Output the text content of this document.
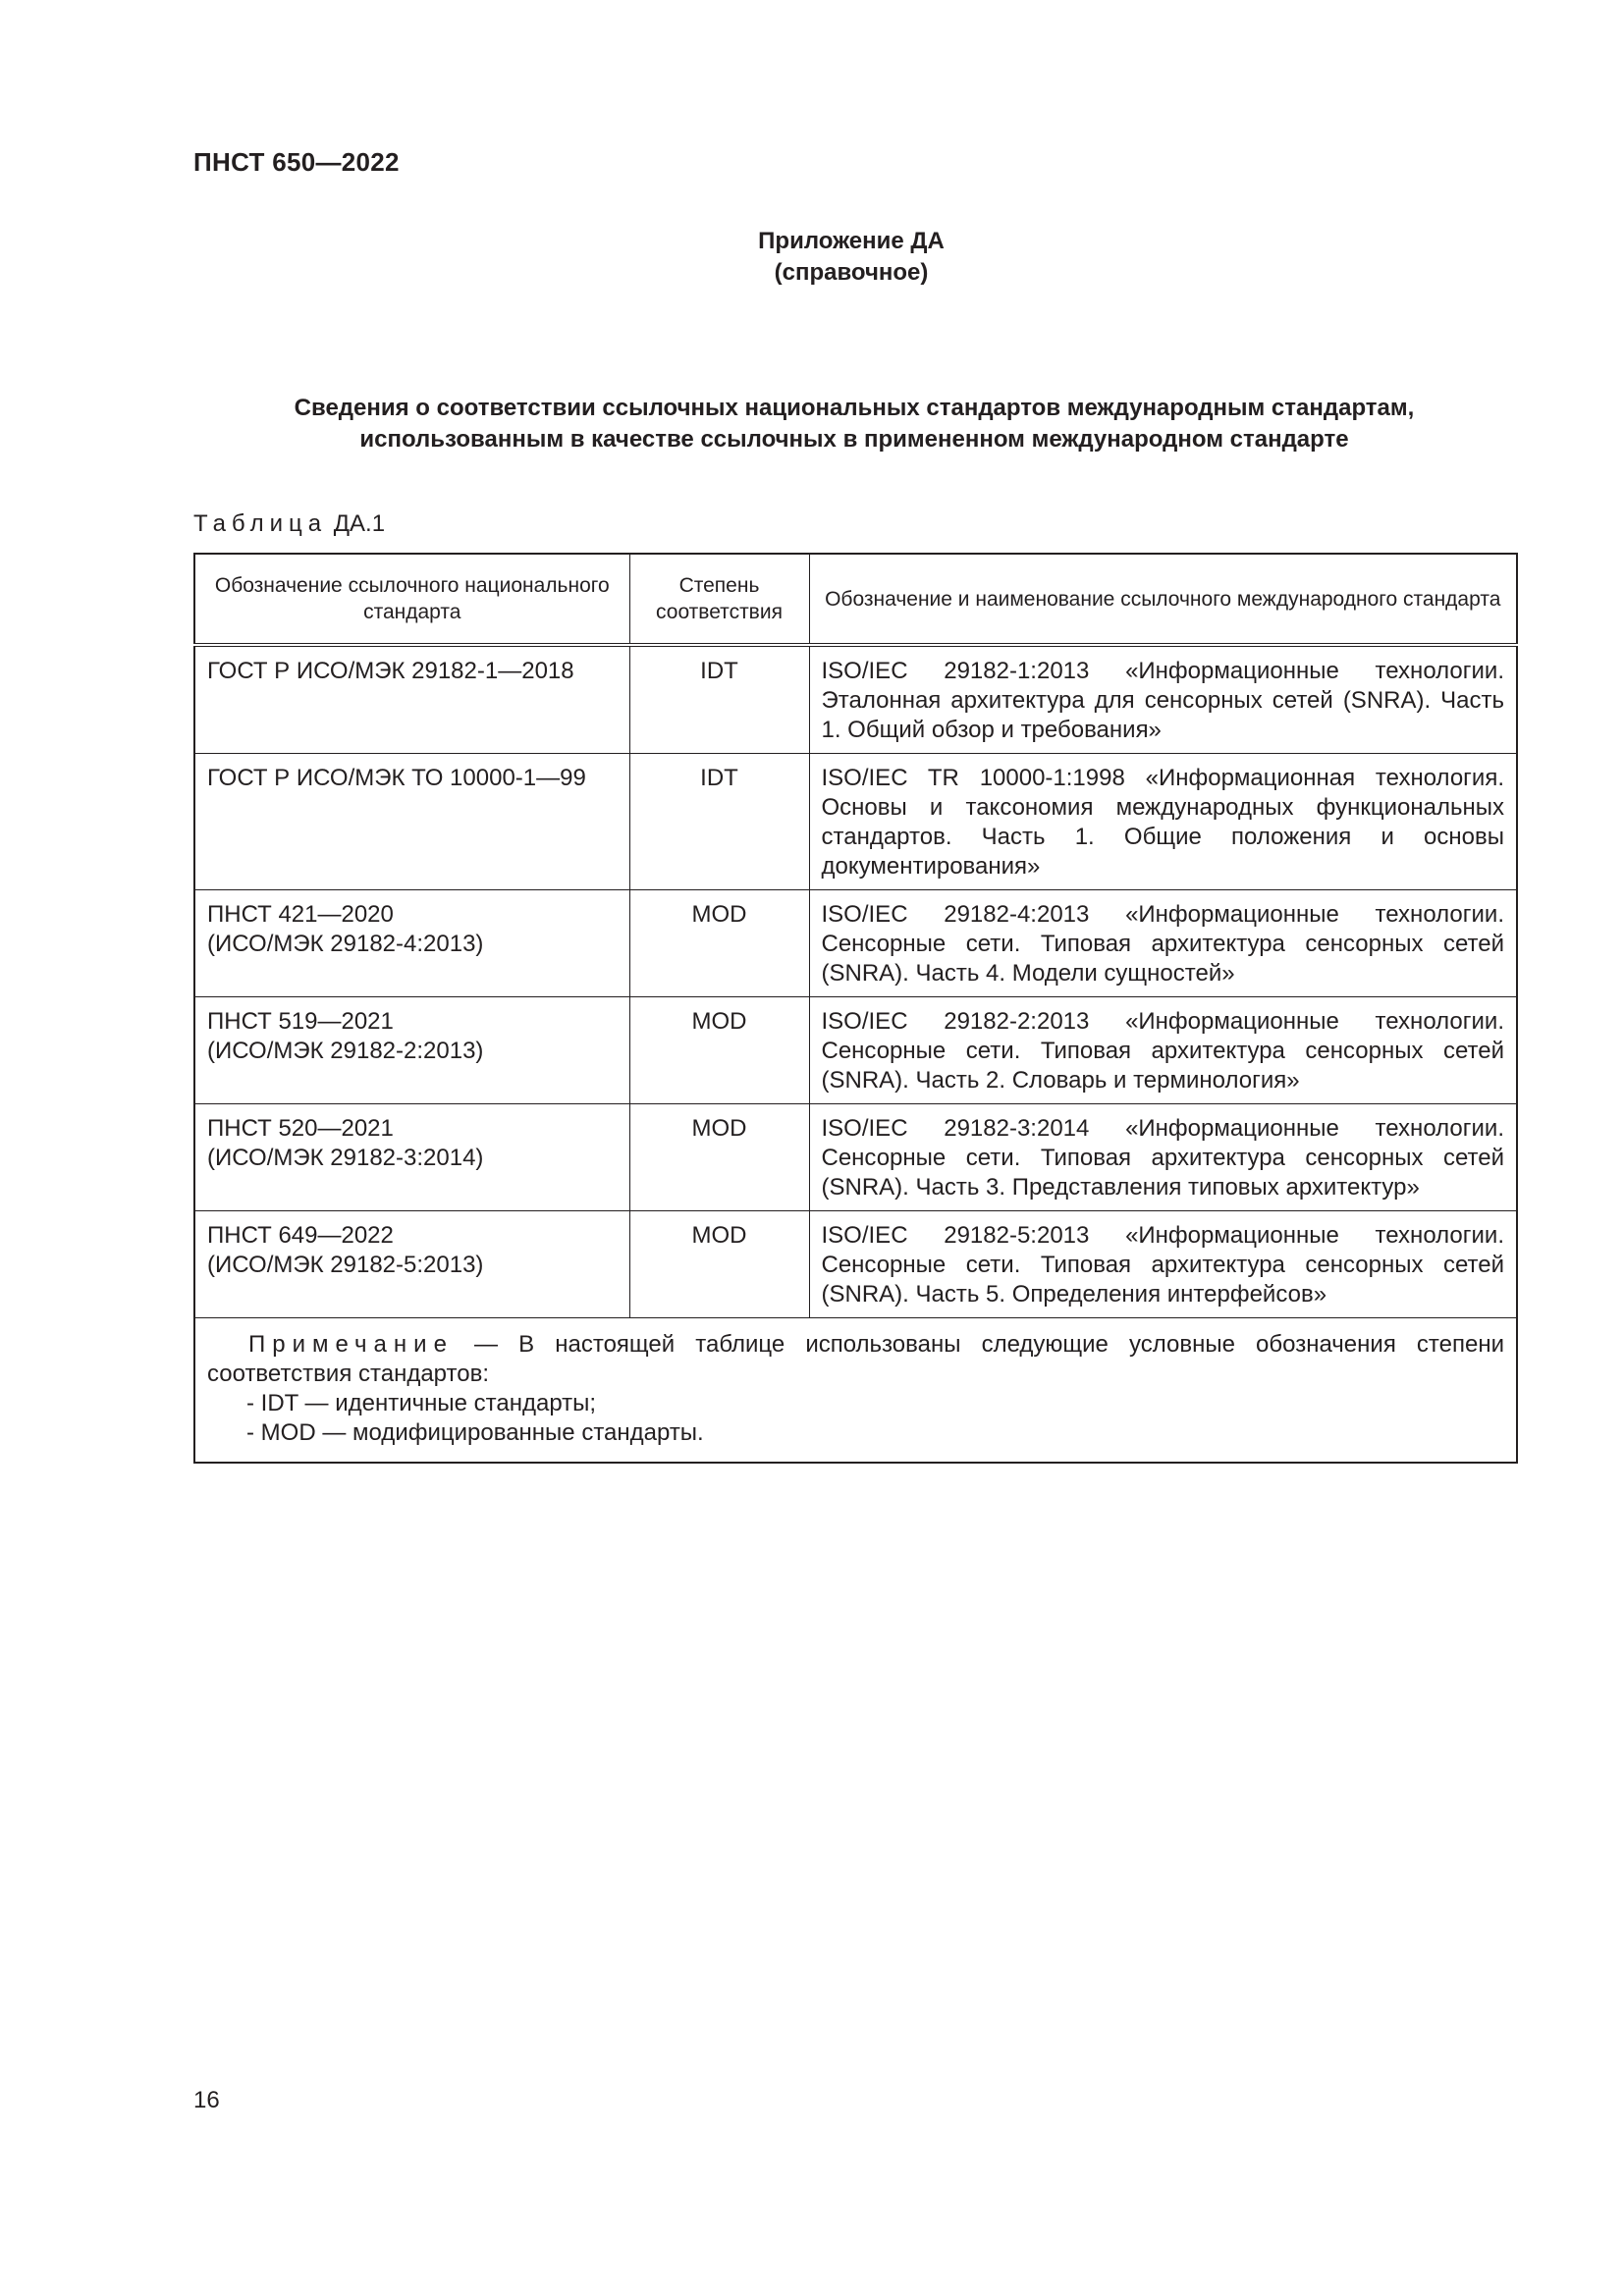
ПНСТ 650—2022
Приложение ДА
(справочное)
Сведения о соответствии ссылочных национальных стандартов международным стандартам,
использованным в качестве ссылочных в примененном международном стандарте
Таблица ДА.1
Обозначение ссылочного национального стандарта	Степень соответствия	Обозначение и наименование ссылочного международного стандарта

ГОСТ Р ИСО/МЭК 29182-1—2018	IDT	ISO/IEC 29182-1:2013 «Информационные технологии. Эталонная архитектура для сенсорных сетей (SNRA). Часть 1. Общий обзор и требования»

ГОСТ Р ИСО/МЭК ТО 10000-1—99	IDT	ISO/IEC TR 10000-1:1998 «Информационная технология. Основы и таксономия международных функциональных стандартов. Часть 1. Общие положения и основы документирования»

ПНСТ 421—2020
(ИСО/МЭК 29182-4:2013)	MOD	ISO/IEC 29182-4:2013 «Информационные технологии. Сенсорные сети. Типовая архитектура сенсорных сетей (SNRA). Часть 4. Модели сущностей»

ПНСТ 519—2021
(ИСО/МЭК 29182-2:2013)	MOD	ISO/IEC 29182-2:2013 «Информационные технологии. Сенсорные сети. Типовая архитектура сенсорных сетей (SNRA). Часть 2. Словарь и терминология»

ПНСТ 520—2021
(ИСО/МЭК 29182-3:2014)	MOD	ISO/IEC 29182-3:2014 «Информационные технологии. Сенсорные сети. Типовая архитектура сенсорных сетей (SNRA). Часть 3. Представления типовых архитектур»

ПНСТ 649—2022
(ИСО/МЭК 29182-5:2013)	MOD	ISO/IEC 29182-5:2013 «Информационные технологии. Сенсорные сети. Типовая архитектура сенсорных сетей (SNRA). Часть 5. Определения интерфейсов»
Примечание — В настоящей таблице использованы следующие условные обозначения степени соответствия стандартов:
- IDT — идентичные стандарты;
- MOD — модифицированные стандарты.		
16
